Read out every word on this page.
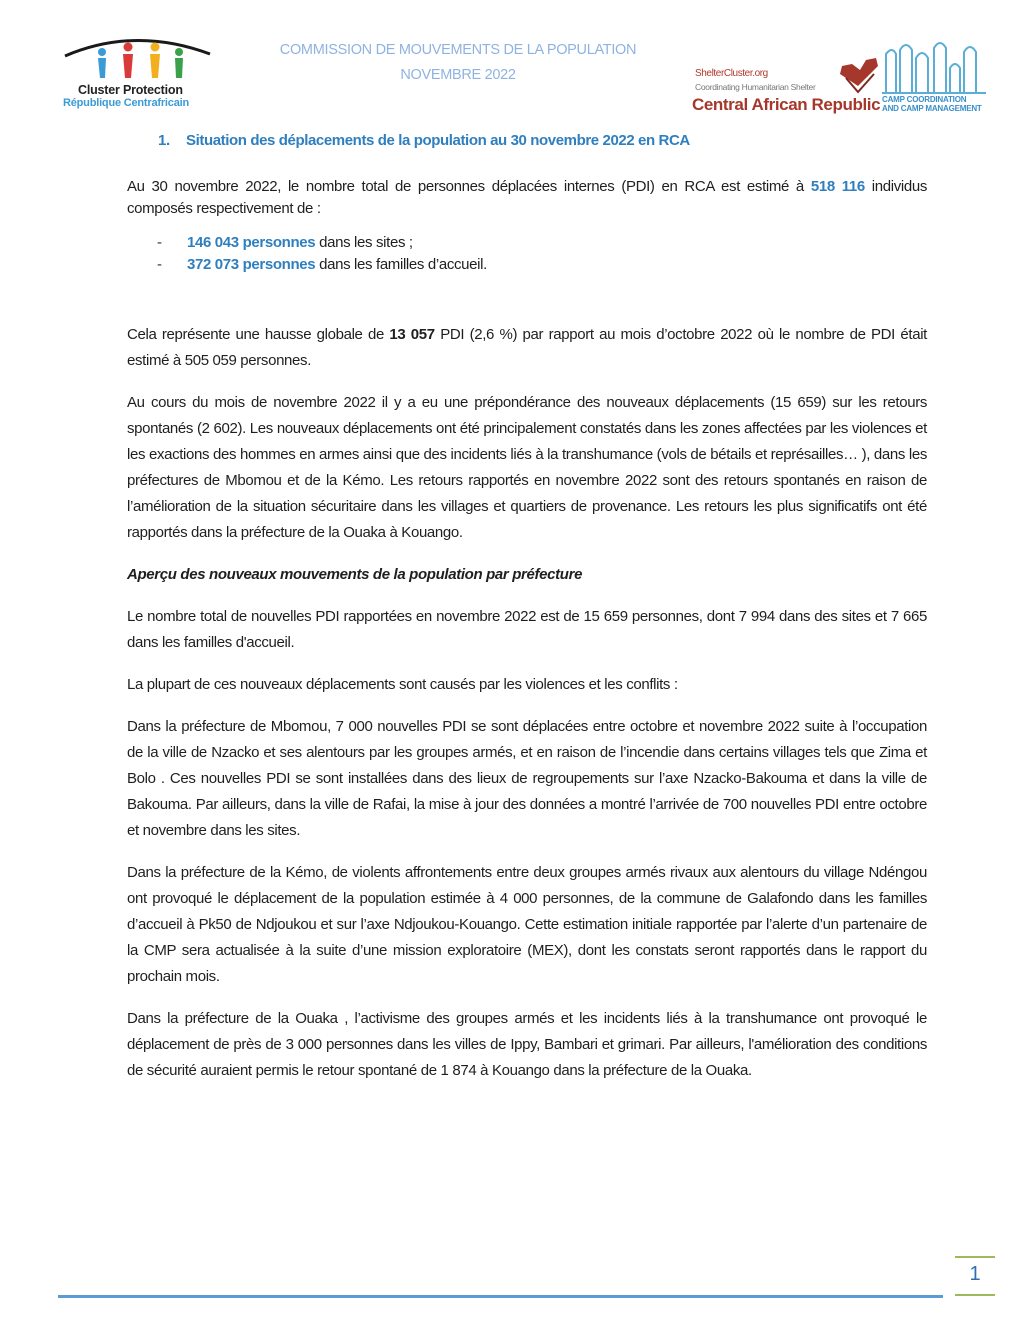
Cluster Protection
République Centrafricain
COMMISSION DE MOUVEMENTS DE LA POPULATION
NOVEMBRE 2022	ShelterCluster.org
Coordinating Humanitarian Shelter
Central African Republic CAMP COORDINATION
AND CAMP MANAGEMENT
1. Situation des déplacements de la population au 30 novembre 2022 en RCA

Au 30 novembre 2022, le nombre total de personnes déplacées internes (PDI) en RCA est estimé à 518 116 individus composés respectivement de :

- 146 043 personnes dans les sites ;
- 372 073 personnes dans les familles d’accueil.

Cela représente une hausse globale de 13 057 PDI (2,6 %) par rapport au mois d’octobre 2022 où le nombre de PDI était estimé à 505 059 personnes.

Au cours du mois de novembre 2022 il y a eu une prépondérance des nouveaux déplacements (15 659) sur les retours spontanés (2 602). Les nouveaux déplacements ont été principalement constatés dans les zones affectées par les violences et les exactions des hommes en armes ainsi que des incidents liés à la transhumance (vols de bétails et représailles… ), dans les préfectures de Mbomou et de la Kémo. Les retours rapportés en novembre 2022 sont des retours spontanés en raison de l’amélioration de la situation sécuritaire dans les villages et quartiers de provenance. Les retours les plus significatifs ont été rapportés dans la préfecture de la Ouaka à Kouango.

Aperçu des nouveaux mouvements de la population par préfecture

Le nombre total de nouvelles PDI rapportées en novembre 2022 est de 15 659 personnes, dont 7 994 dans des sites et 7 665 dans les familles d'accueil.

La plupart de ces nouveaux déplacements sont causés par les violences et les conflits :

Dans la préfecture de Mbomou, 7 000 nouvelles PDI se sont déplacées entre octobre et novembre 2022 suite à l’occupation de la ville de Nzacko et ses alentours par les groupes armés, et en raison de l’incendie dans certains villages tels que Zima et Bolo . Ces nouvelles PDI se sont installées dans des lieux de regroupements sur l’axe Nzacko-Bakouma et dans la ville de Bakouma. Par ailleurs, dans la ville de Rafai, la mise à jour des données a montré l’arrivée de 700 nouvelles PDI entre octobre et novembre dans les sites.

Dans la préfecture de la Kémo, de violents affrontements entre deux groupes armés rivaux aux alentours du village Ndéngou ont provoqué le déplacement de la population estimée à 4 000 personnes, de la commune de Galafondo dans les familles d’accueil à Pk50 de Ndjoukou et sur l’axe Ndjoukou-Kouango. Cette estimation initiale rapportée par l’alerte d’un partenaire de la CMP sera actualisée à la suite d’une mission exploratoire (MEX), dont les constats seront rapportés dans le rapport du prochain mois.

Dans la préfecture de la Ouaka , l’activisme des groupes armés et les incidents liés à la transhumance ont provoqué le déplacement de près de 3 000 personnes dans les villes de Ippy, Bambari et grimari. Par ailleurs, l'amélioration des conditions de sécurité auraient permis le retour spontané de 1 874 à Kouango dans la préfecture de la Ouaka.

1
